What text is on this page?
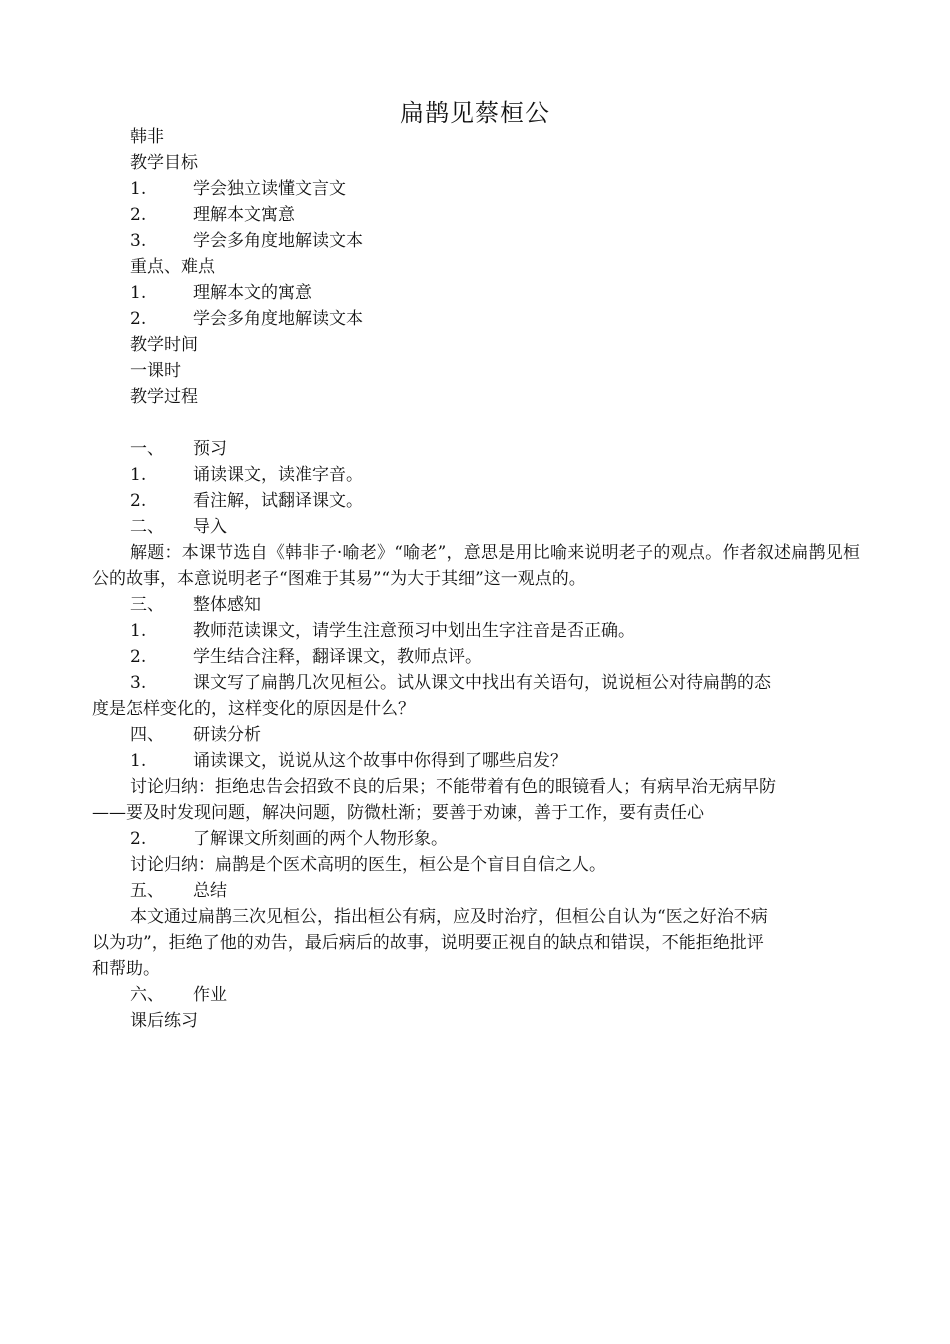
扁鹊见蔡桓公
韩非
教学目标
1.	学会独立读懂文言文
2.	理解本文寓意
3.	学会多角度地解读文本
重点、难点
1.	理解本文的寓意
2.	学会多角度地解读文本
教学时间
一课时
教学过程
一、 预习
1.	诵读课文，读准字音。
2.	看注解，试翻译课文。
二、 导入
解题：本课节选自《韩非子·喻老》“喻老”，意思是用比喻来说明老子的观点。作者叙述扁鹊见桓公的故事，本意说明老子“图难于其易”“为大于其细”这一观点的。
三、 整体感知
1.	教师范读课文，请学生注意预习中划出生字注音是否正确。
2.	学生结合注释，翻译课文，教师点评。
3.	课文写了扁鹊几次见桓公。试从课文中找出有关语句，说说桓公对待扁鹊的态
度是怎样变化的，这样变化的原因是什么？
四、 研读分析
1.	诵读课文，说说从这个故事中你得到了哪些启发？
讨论归纳：拒绝忠告会招致不良的后果；不能带着有色的眼镜看人；有病早治无病早防
——要及时发现问题，解决问题，防微杜渐；要善于劝谏，善于工作，要有责任心
2.	了解课文所刻画的两个人物形象。
讨论归纳：扁鹊是个医术高明的医生，桓公是个盲目自信之人。
五、 总结
本文通过扁鹊三次见桓公，指出桓公有病，应及时治疗，但桓公自认为“医之好治不病
以为功”，拒绝了他的劝告，最后病后的故事，说明要正视自的缺点和错误，不能拒绝批评
和帮助。
六、 作业
课后练习
